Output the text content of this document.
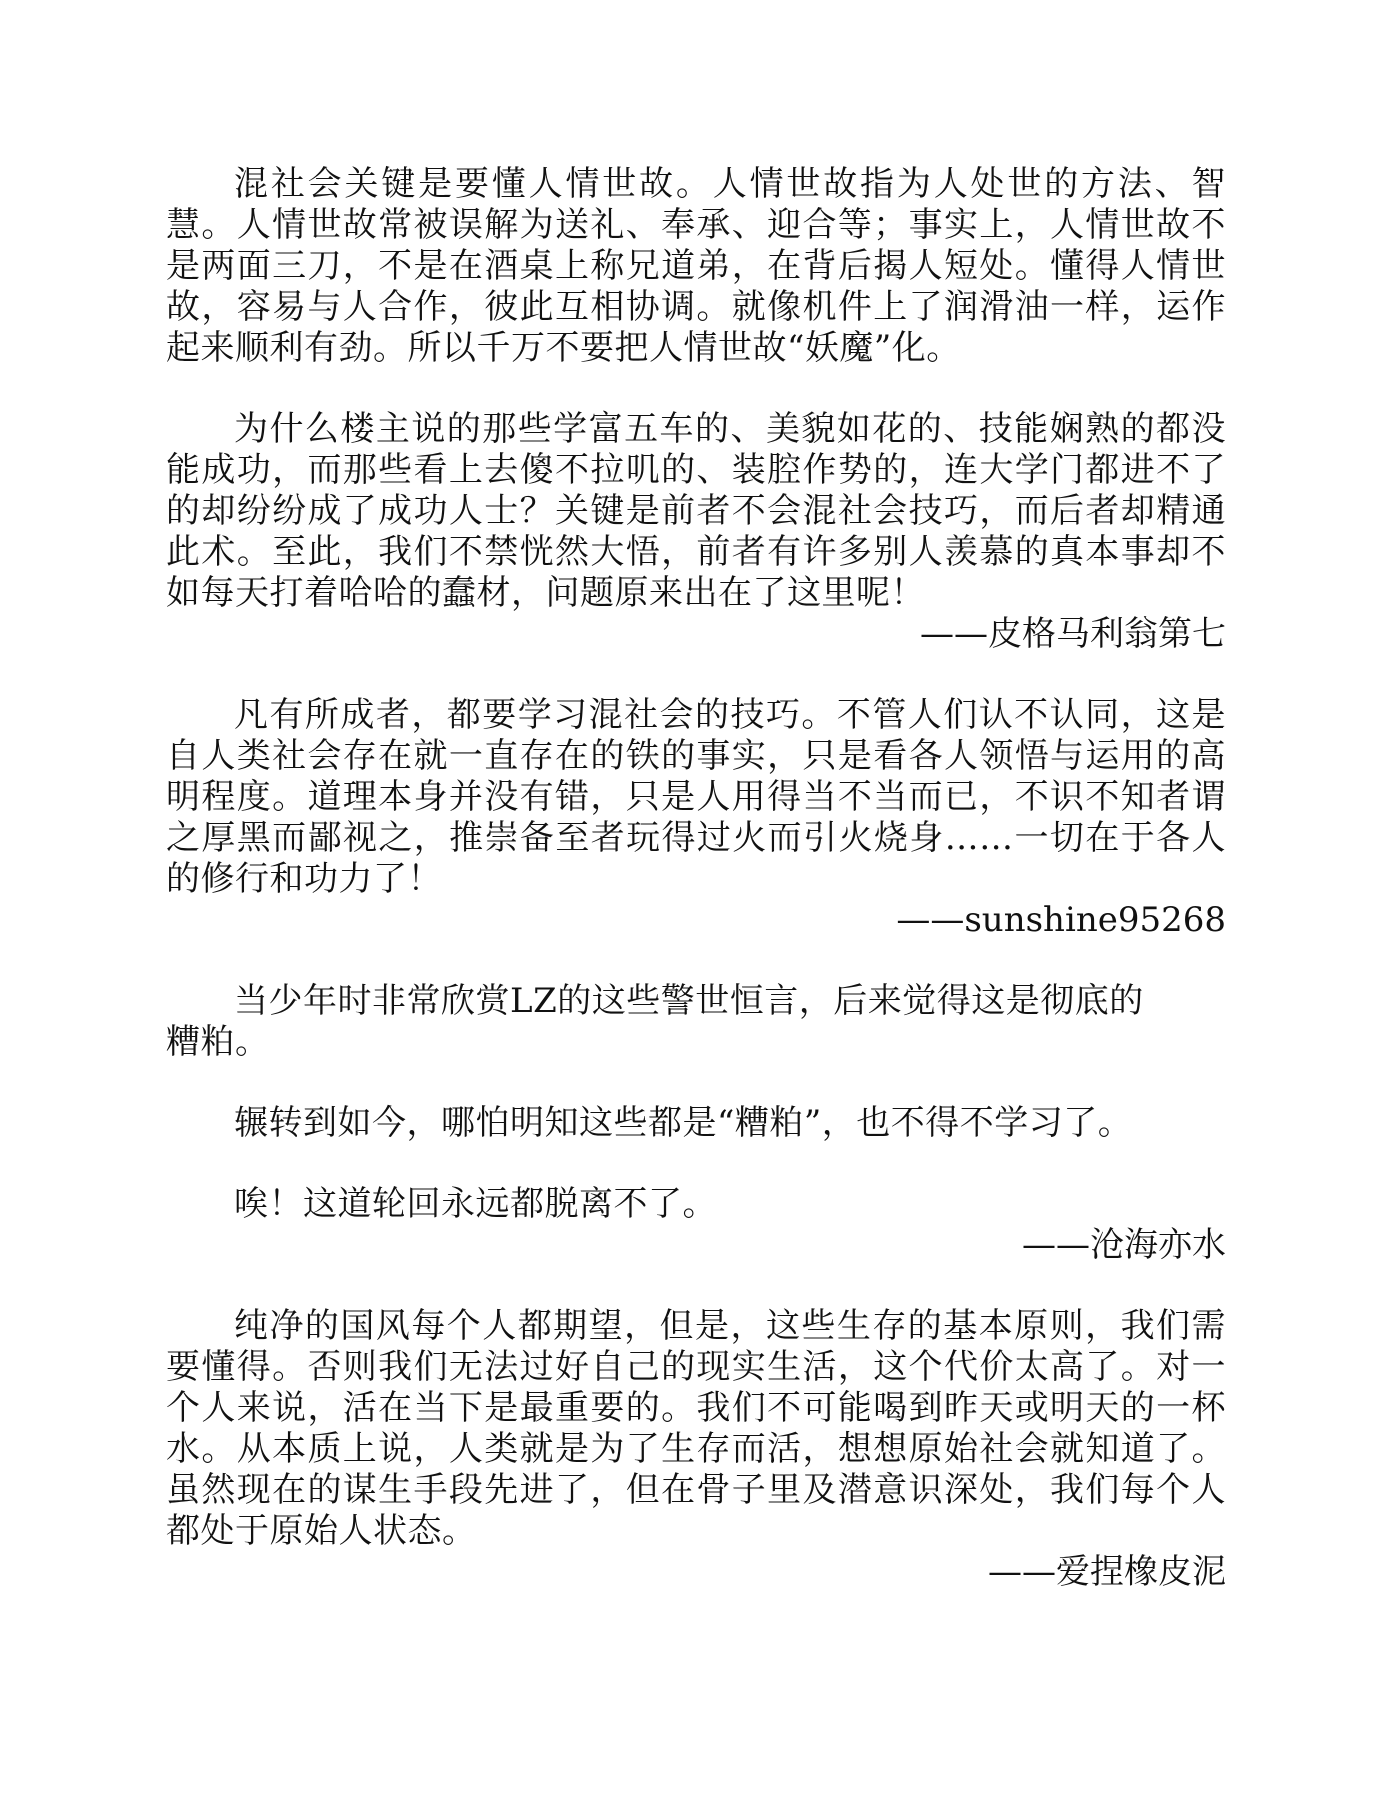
混社会关键是要懂人情世故。人情世故指为人处世的方法、智慧。人情世故常被误解为送礼、奉承、迎合等；事实上，人情世故不是两面三刀，不是在酒桌上称兄道弟，在背后揭人短处。懂得人情世故，容易与人合作，彼此互相协调。就像机件上了润滑油一样，运作起来顺利有劲。所以千万不要把人情世故“妖魔”化。

为什么楼主说的那些学富五车的、美貌如花的、技能娴熟的都没能成功，而那些看上去傻不拉叽的、装腔作势的，连大学门都进不了的却纷纷成了成功人士？关键是前者不会混社会技巧，而后者却精通此术。至此，我们不禁恍然大悟，前者有许多别人羡慕的真本事却不如每天打着哈哈的蠢材，问题原来出在了这里呢！

——皮格马利翁第七

凡有所成者，都要学习混社会的技巧。不管人们认不认同，这是自人类社会存在就一直存在的铁的事实，只是看各人领悟与运用的高明程度。道理本身并没有错，只是人用得当不当而已，不识不知者谓之厚黑而鄙视之，推崇备至者玩得过火而引火烧身……一切在于各人的修行和功力了！

——sunshine95268

当少年时非常欣赏LZ的这些警世恒言，后来觉得这是彻底的糟粕。

辗转到如今，哪怕明知这些都是“糟粕”，也不得不学习了。

唉！这道轮回永远都脱离不了。

——沧海亦水

纯净的国风每个人都期望，但是，这些生存的基本原则，我们需要懂得。否则我们无法过好自己的现实生活，这个代价太高了。对一个人来说，活在当下是最重要的。我们不可能喝到昨天或明天的一杯水。从本质上说，人类就是为了生存而活，想想原始社会就知道了。虽然现在的谋生手段先进了，但在骨子里及潜意识深处，我们每个人都处于原始人状态。

——爱捏橡皮泥
